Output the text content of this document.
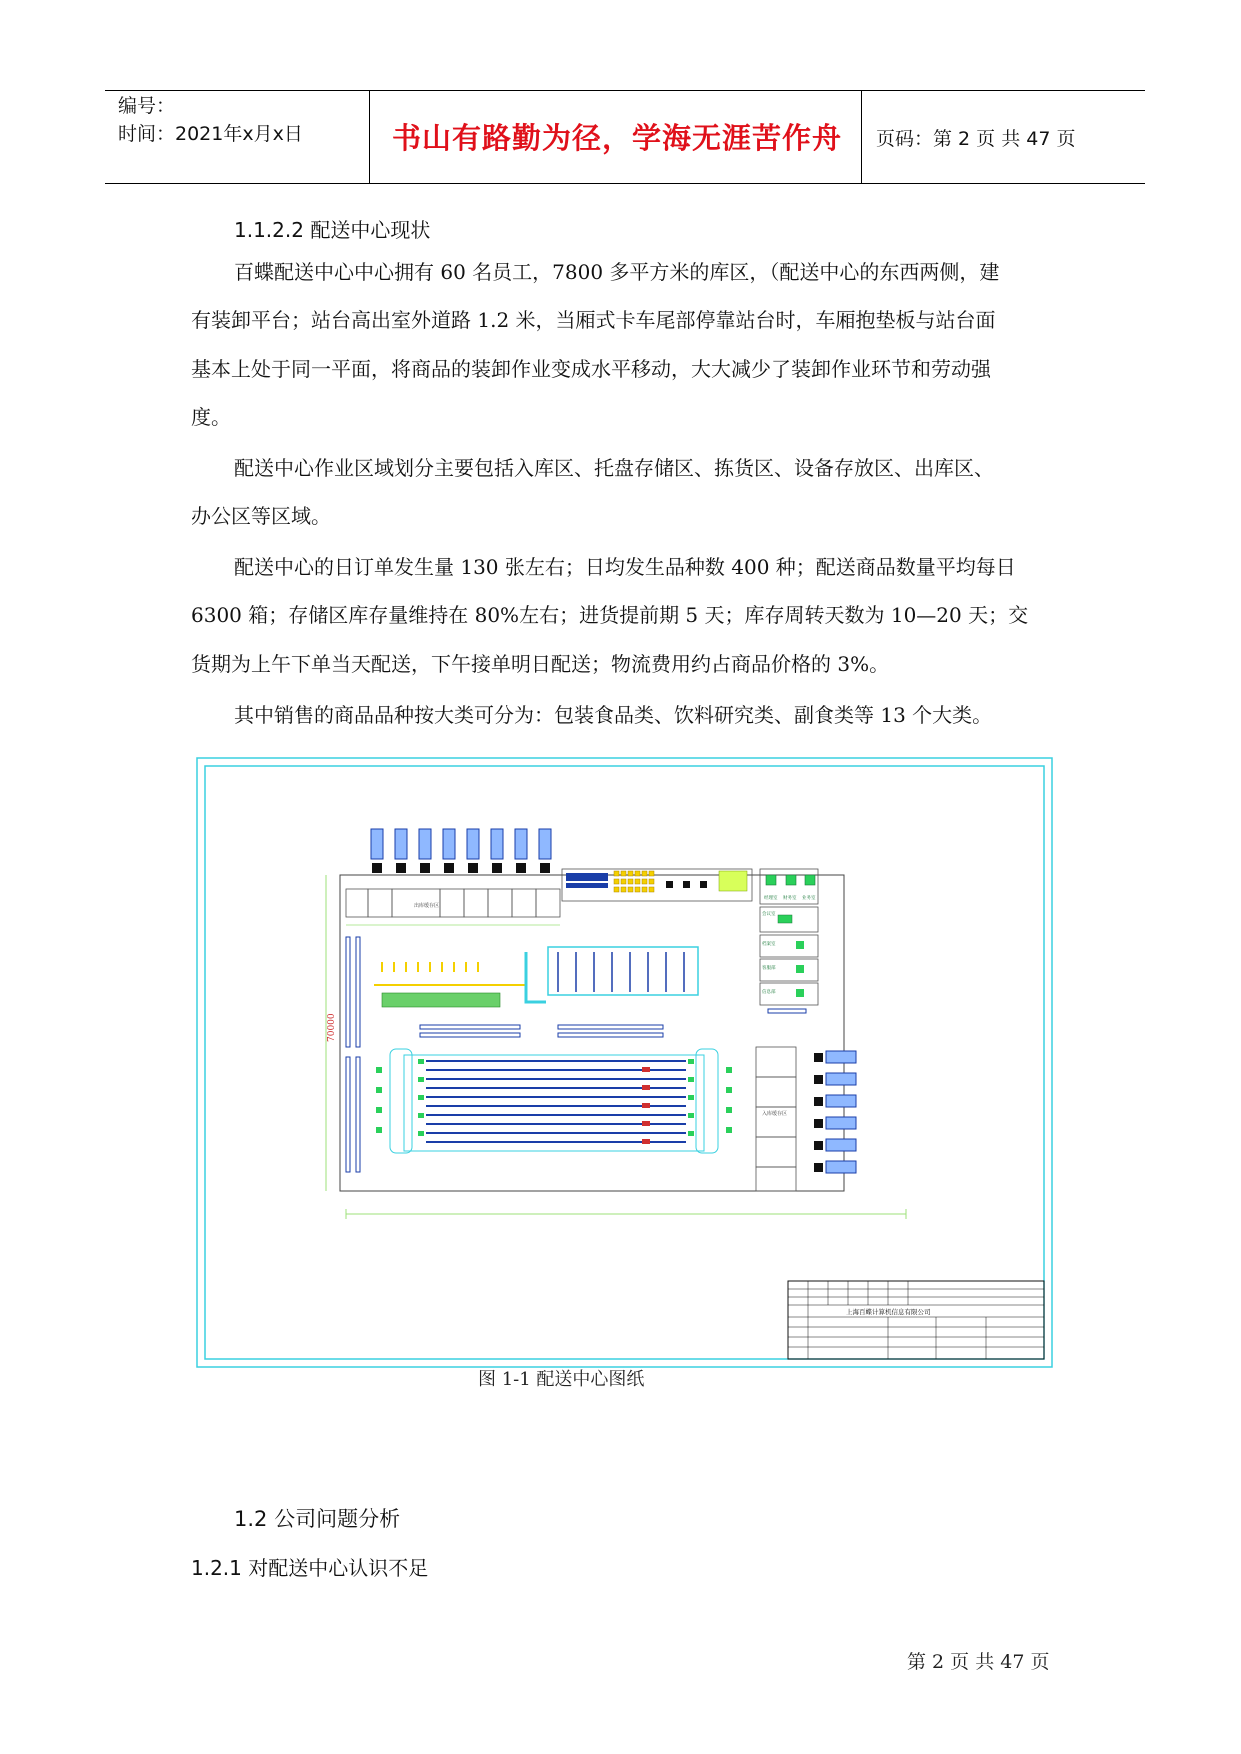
编号：
时间：2021年x月x日	书山有路勤为径，学海无涯苦作舟	页码：第 2 页 共 47 页
1.1.2.2 配送中心现状
百蝶配送中心中心拥有 60 名员工，7800 多平方米的库区，（配送中心的东西两侧，建
有装卸平台；站台高出室外道路 1.2 米，当厢式卡车尾部停靠站台时，车厢抱垫板与站台面
基本上处于同一平面，将商品的装卸作业变成水平移动，大大减少了装卸作业环节和劳动强
度。
配送中心作业区域划分主要包括入库区、托盘存储区、拣货区、设备存放区、出库区、
办公区等区域。
配送中心的日订单发生量 130 张左右；日均发生品种数 400 种；配送商品数量平均每日
6300 箱；存储区库存量维持在 80%左右；进货提前期 5 天；库存周转天数为 10—20 天；交
货期为上午下单当天配送，下午接单明日配送；物流费用约占商品价格的 3%。
其中销售的商品品种按大类可分为：包装食品类、饮料研究类、副食类等 13 个大类。
出库缓存区
经理室 财务室 业务室
会议室
档案室
客服部
信息部
入库缓存区
70000
上海百蝶计算机信息有限公司
图 1-1 配送中心图纸
1.2 公司问题分析
1.2.1 对配送中心认识不足
第 2 页 共 47 页
